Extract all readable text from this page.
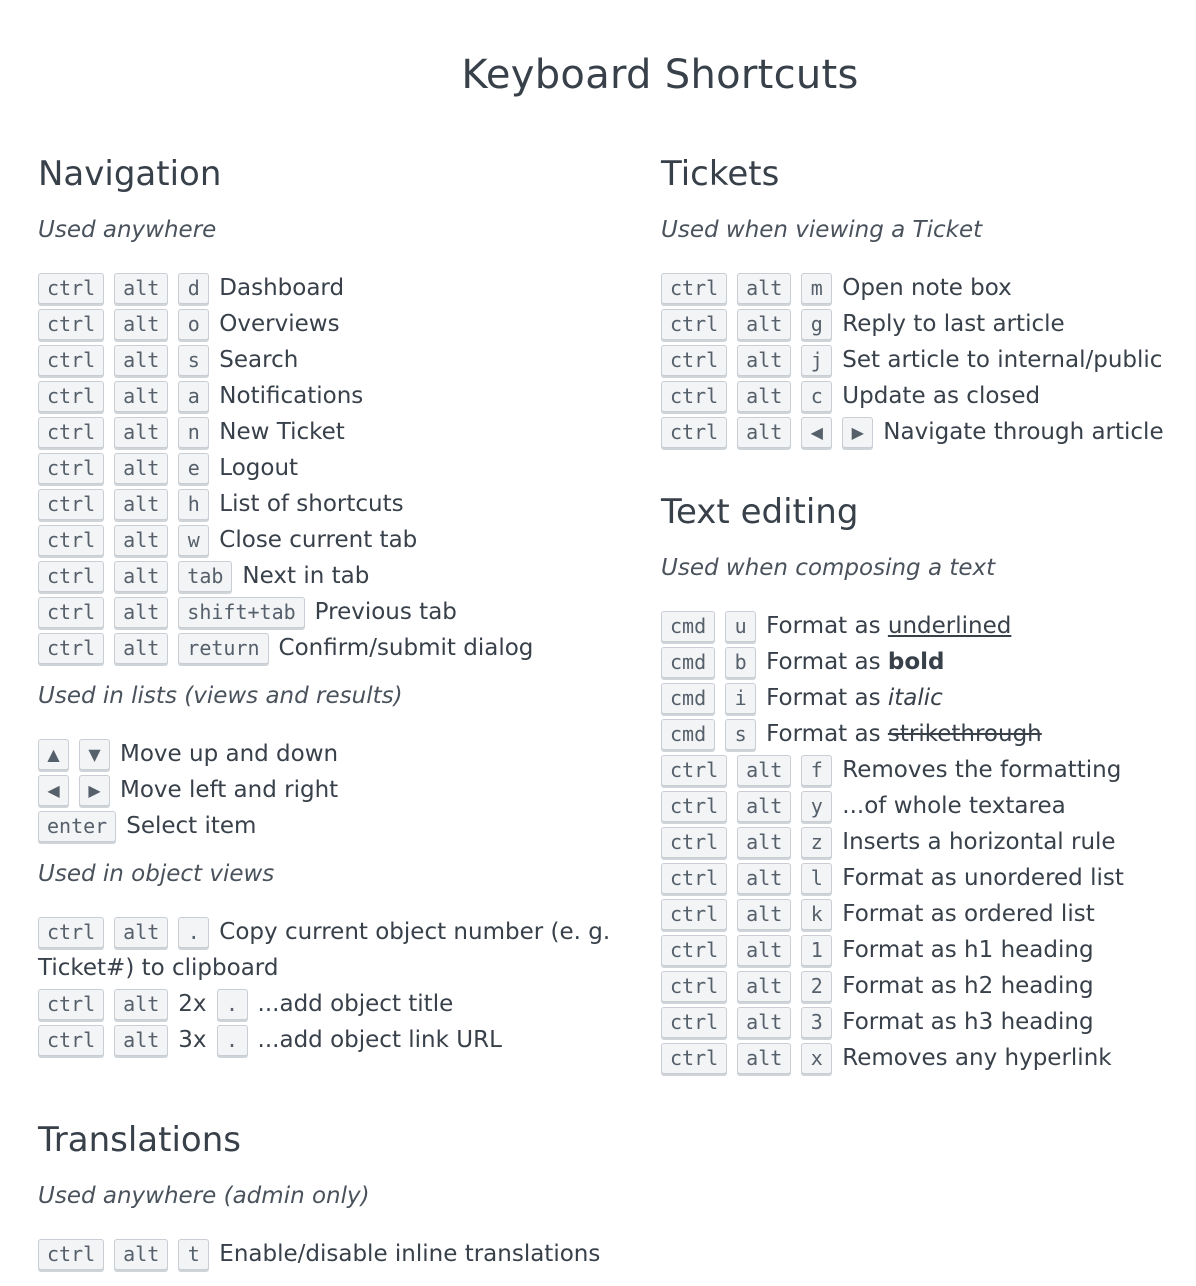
Keyboard Shortcuts
Navigation
Used anywhere
ctrl	alt	d Dashboard
ctrl	alt	o Overviews
ctrl	alt	s Search
ctrl	alt	a Notifications
ctrl	alt	n New Ticket
ctrl	alt	e Logout
ctrl	alt	h List of shortcuts
ctrl	alt	w Close current tab
ctrl	alt	tab Next in tab
ctrl	alt	shift+tab Previous tab
ctrl	alt	return Confirm/submit dialog
Used in lists (views and results)
▲	▼ Move up and down
◀	▶ Move left and right
enter Select item
Used in object views
ctrl alt . Copy current object number (e. g. Ticket#) to clipboard
ctrl	alt 2x . ...add object title
ctrl	alt 3x . ...add object link URL
Translations
Used anywhere (admin only)
ctrl	alt	t Enable/disable inline translations
Tickets
Used when viewing a Ticket
ctrl	alt	m Open note box
ctrl	alt	g Reply to last article
ctrl	alt	j Set article to internal/public
ctrl	alt	c Update as closed
ctrl	alt	◀	▶ Navigate through article
Text editing
Used when composing a text
cmd	u Format as underlined
cmd	b Format as bold
cmd	i Format as italic
cmd	s Format as strikethrough
ctrl	alt	f Removes the formatting
ctrl	alt	y ...of whole textarea
ctrl	alt	z Inserts a horizontal rule
ctrl	alt	l Format as unordered list
ctrl	alt	k Format as ordered list
ctrl	alt	1 Format as h1 heading
ctrl	alt	2 Format as h2 heading
ctrl	alt	3 Format as h3 heading
ctrl	alt	x Removes any hyperlink
